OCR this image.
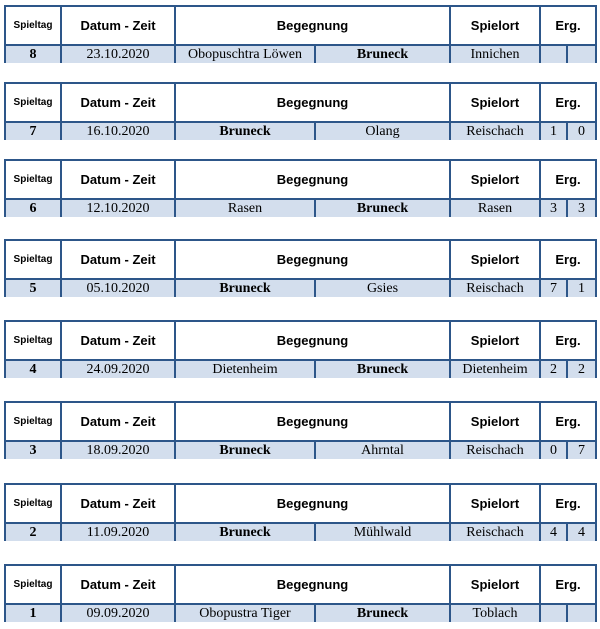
Spieltag	Datum - Zeit	Begegnung	Spielort	Erg.
8	23.10.2020	Obopuschtra Löwen	Bruneck	Innichen
Spieltag	Datum - Zeit	Begegnung	Spielort	Erg.
7	16.10.2020	Bruneck	Olang	Reischach	1	0
Spieltag	Datum - Zeit	Begegnung	Spielort	Erg.
6	12.10.2020	Rasen	Bruneck	Rasen	3	3
Spieltag	Datum - Zeit	Begegnung	Spielort	Erg.
5	05.10.2020	Bruneck	Gsies	Reischach	7	1
Spieltag	Datum - Zeit	Begegnung	Spielort	Erg.
4	24.09.2020	Dietenheim	Bruneck	Dietenheim	2	2
Spieltag	Datum - Zeit	Begegnung	Spielort	Erg.
3	18.09.2020	Bruneck	Ahrntal	Reischach	0	7
Spieltag	Datum - Zeit	Begegnung	Spielort	Erg.
2	11.09.2020	Bruneck	Mühlwald	Reischach	4	4
Spieltag	Datum - Zeit	Begegnung	Spielort	Erg.
1	09.09.2020	Obopustra Tiger	Bruneck	Toblach
